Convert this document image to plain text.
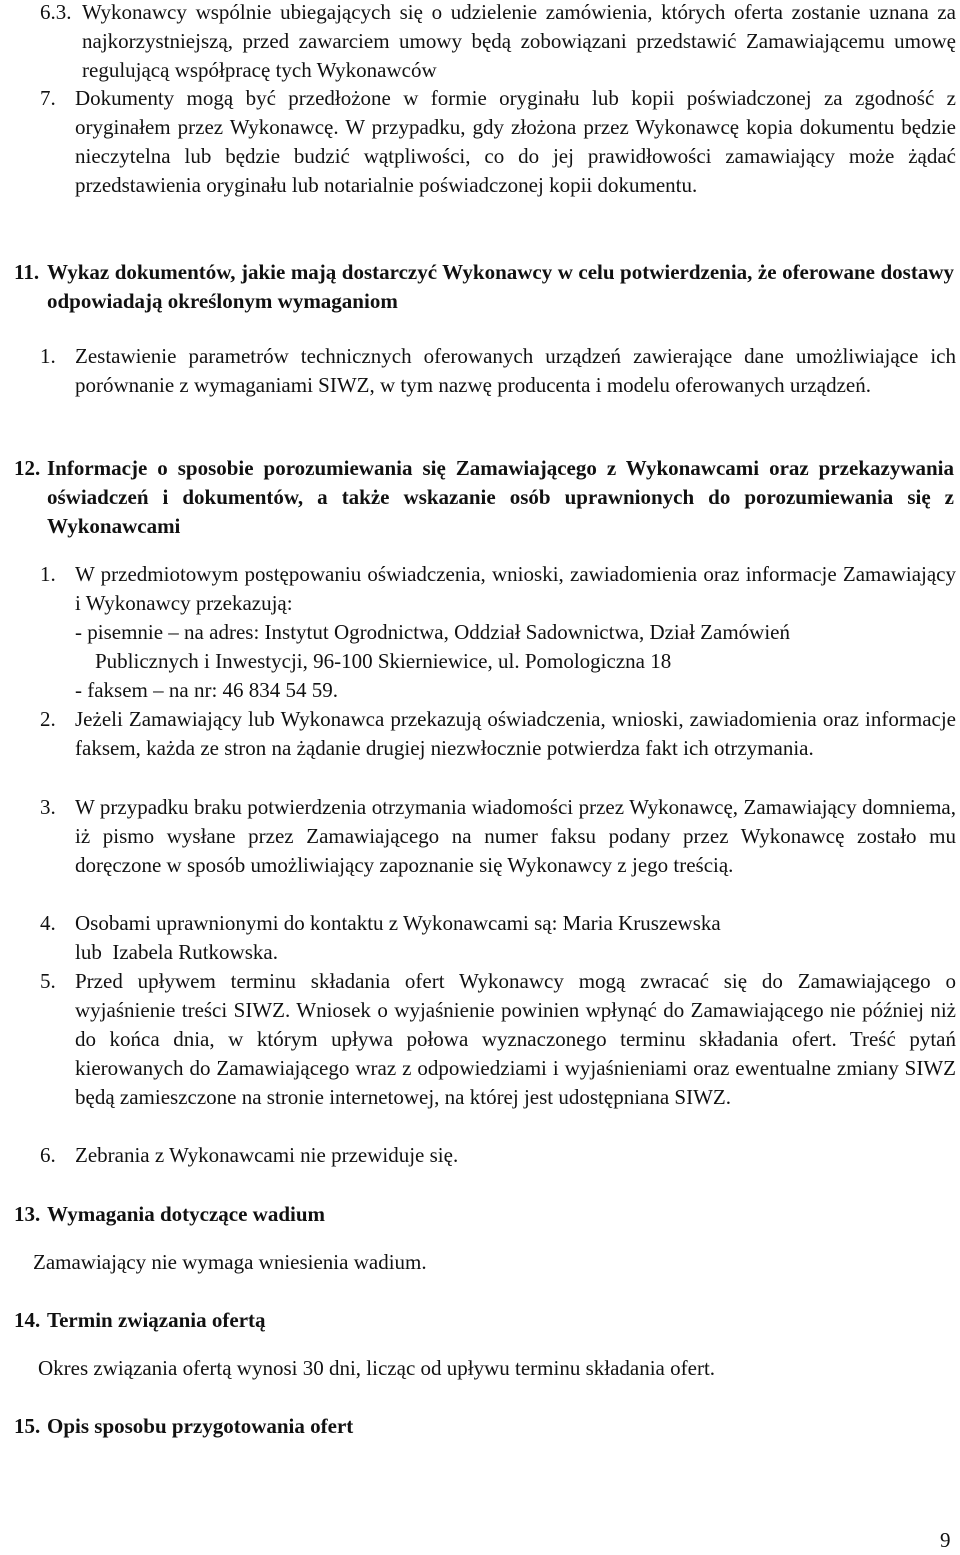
6.3. Wykonawcy wspólnie ubiegających się o udzielenie zamówienia, których oferta zostanie uznana za najkorzystniejszą, przed zawarciem umowy będą zobowiązani przedstawić Zamawiającemu umowę regulującą współpracę tych Wykonawców
7. Dokumenty mogą być przedłożone w formie oryginału lub kopii poświadczonej za zgodność z oryginałem przez Wykonawcę. W przypadku, gdy złożona przez Wykonawcę kopia dokumentu będzie nieczytelna lub będzie budzić wątpliwości, co do jej prawidłowości zamawiający może żądać przedstawienia oryginału lub notarialnie poświadczonej kopii dokumentu.
11. Wykaz dokumentów, jakie mają dostarczyć Wykonawcy w celu potwierdzenia, że oferowane dostawy odpowiadają określonym wymaganiom
1. Zestawienie parametrów technicznych oferowanych urządzeń zawierające dane umożliwiające ich porównanie z wymaganiami SIWZ, w tym nazwę producenta i modelu oferowanych urządzeń.
12. Informacje o sposobie porozumiewania się Zamawiającego z Wykonawcami oraz przekazywania oświadczeń i dokumentów, a także wskazanie osób uprawnionych do porozumiewania się z Wykonawcami
1. W przedmiotowym postępowaniu oświadczenia, wnioski, zawiadomienia oraz informacje Zamawiający i Wykonawcy przekazują:
- pisemnie – na adres: Instytut Ogrodnictwa, Oddział Sadownictwa, Dział Zamówień
Publicznych i Inwestycji, 96-100 Skierniewice, ul. Pomologiczna 18
- faksem – na nr: 46 834 54 59.
2. Jeżeli Zamawiający lub Wykonawca przekazują oświadczenia, wnioski, zawiadomienia oraz informacje faksem, każda ze stron na żądanie drugiej niezwłocznie potwierdza fakt ich otrzymania.
3. W przypadku braku potwierdzenia otrzymania wiadomości przez Wykonawcę, Zamawiający domniema, iż pismo wysłane przez Zamawiającego na numer faksu podany przez Wykonawcę zostało mu doręczone w sposób umożliwiający zapoznanie się Wykonawcy z jego treścią.
4. Osobami uprawnionymi do kontaktu z Wykonawcami są: Maria Kruszewska
lub  Izabela Rutkowska.
5. Przed upływem terminu składania ofert Wykonawcy mogą zwracać się do Zamawiającego o wyjaśnienie treści SIWZ. Wniosek o wyjaśnienie powinien wpłynąć do Zamawiającego nie później niż do końca dnia, w którym upływa połowa wyznaczonego terminu składania ofert. Treść pytań kierowanych do Zamawiającego wraz z odpowiedziami i wyjaśnieniami oraz ewentualne zmiany SIWZ będą zamieszczone na stronie internetowej, na której jest udostępniana SIWZ.
6. Zebrania z Wykonawcami nie przewiduje się.
13. Wymagania dotyczące wadium
Zamawiający nie wymaga wniesienia wadium.
14. Termin związania ofertą
Okres związania ofertą wynosi 30 dni, licząc od upływu terminu składania ofert.
15. Opis sposobu przygotowania ofert
9
